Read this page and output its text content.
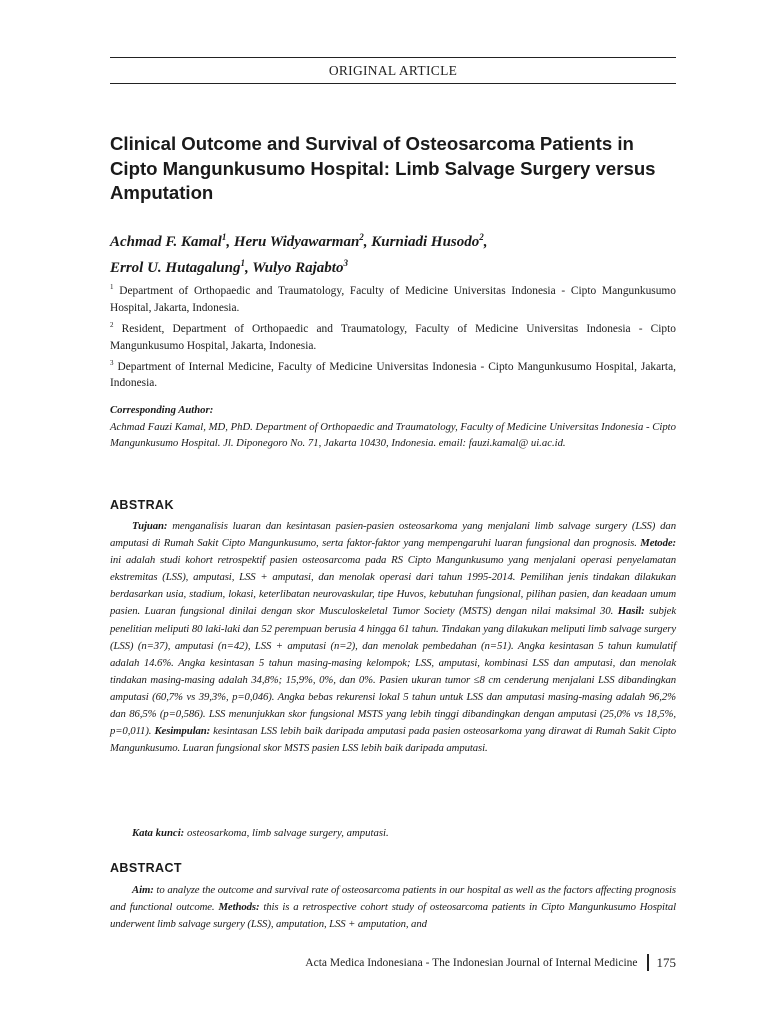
ORIGINAL ARTICLE
Clinical Outcome and Survival of Osteosarcoma Patients in Cipto Mangunkusumo Hospital: Limb Salvage Surgery versus Amputation
Achmad F. Kamal$^1$, Heru Widyawarman$^2$, Kurniadi Husodo$^2$,
Errol U. Hutagalung$^1$, Wulyo Rajabto$^3$
$^1$ Department of Orthopaedic and Traumatology, Faculty of Medicine Universitas Indonesia - Cipto Mangunkusumo Hospital, Jakarta, Indonesia.
$^2$ Resident, Department of Orthopaedic and Traumatology, Faculty of Medicine Universitas Indonesia - Cipto Mangunkusumo Hospital, Jakarta, Indonesia.
$^3$ Department of Internal Medicine, Faculty of Medicine Universitas Indonesia - Cipto Mangunkusumo Hospital, Jakarta, Indonesia.
Corresponding Author:
Achmad Fauzi Kamal, MD, PhD. Department of Orthopaedic and Traumatology, Faculty of Medicine Universitas Indonesia - Cipto Mangunkusumo Hospital. Jl. Diponegoro No. 71, Jakarta 10430, Indonesia. email: fauzi.kamal@ ui.ac.id.
ABSTRAK

Tujuan: menganalisis luaran dan kesintasan pasien-pasien osteosarkoma yang menjalani limb salvage surgery (LSS) dan amputasi di Rumah Sakit Cipto Mangunkusumo, serta faktor-faktor yang mempengaruhi luaran fungsional dan prognosis. Metode: ini adalah studi kohort retrospektif pasien osteosarcoma pada RS Cipto Mangunkusumo yang menjalani operasi penyelamatan ekstremitas (LSS), amputasi, LSS + amputasi, dan menolak operasi dari tahun 1995-2014. Pemilihan jenis tindakan dilakukan berdasarkan usia, stadium, lokasi, keterlibatan neurovaskular, tipe Huvos, kebutuhan fungsional, pilihan pasien, dan keadaan umum pasien. Luaran fungsional dinilai dengan skor Musculoskeletal Tumor Society (MSTS) dengan nilai maksimal 30. Hasil: subjek penelitian meliputi 80 laki-laki dan 52 perempuan berusia 4 hingga 61 tahun. Tindakan yang dilakukan meliputi limb salvage surgery (LSS) (n=37), amputasi (n=42), LSS + amputasi (n=2), dan menolak pembedahan (n=51). Angka kesintasan 5 tahun kumulatif adalah 14.6%. Angka kesintasan 5 tahun masing-masing kelompok; LSS, amputasi, kombinasi LSS dan amputasi, dan menolak tindakan masing-masing adalah 34,8%; 15,9%, 0%, dan 0%. Pasien ukuran tumor ≤8 cm cenderung menjalani LSS dibandingkan amputasi (60,7% vs 39,3%, p=0,046). Angka bebas rekurensi lokal 5 tahun untuk LSS dan amputasi masing-masing adalah 96,2% dan 86,5% (p=0,586). LSS menunjukkan skor fungsional MSTS yang lebih tinggi dibandingkan dengan amputasi (25,0% vs 18,5%, p=0,011). Kesimpulan: kesintasan LSS lebih baik daripada amputasi pada pasien osteosarkoma yang dirawat di Rumah Sakit Cipto Mangunkusumo. Luaran fungsional skor MSTS pasien LSS lebih baik daripada amputasi.

Kata kunci: osteosarkoma, limb salvage surgery, amputasi.
ABSTRACT

Aim: to analyze the outcome and survival rate of osteosarcoma patients in our hospital as well as the factors affecting prognosis and functional outcome. Methods: this is a retrospective cohort study of osteosarcoma patients in Cipto Mangunkusumo Hospital underwent limb salvage surgery (LSS), amputation, LSS + amputation, and

Acta Medica Indonesiana - The Indonesian Journal of Internal Medicine 175
